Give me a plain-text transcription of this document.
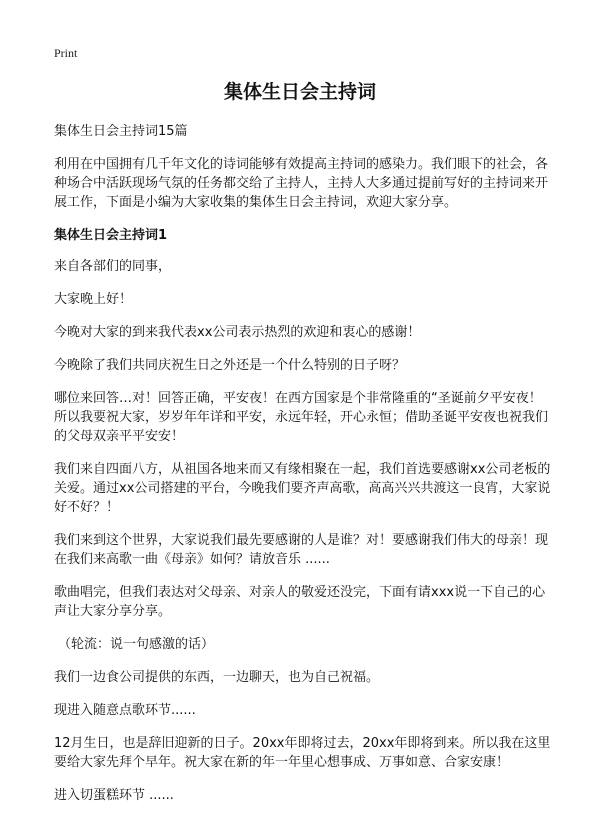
Print
集体生日会主持词

集体生日会主持词15篇

利用在中国拥有几千年文化的诗词能够有效提高主持词的感染力。我们眼下的社会，各种场合中活跃现场气氛的任务都交给了主持人，主持人大多通过提前写好的主持词来开展工作，下面是小编为大家收集的集体生日会主持词，欢迎大家分享。

集体生日会主持词1

来自各部们的同事，

大家晚上好！

今晚对大家的到来我代表xx公司表示热烈的欢迎和衷心的感谢！

今晚除了我们共同庆祝生日之外还是一个什么特别的日子呀？

哪位来回答…对！回答正确，平安夜！在西方国家是个非常隆重的“圣诞前夕平安夜！所以我要祝大家，岁岁年年详和平安，永远年轻，开心永恒；借助圣诞平安夜也祝我们的父母双亲平平安安！

我们来自四面八方，从祖国各地来而又有缘相聚在一起，我们首选要感谢xx公司老板的关爱。通过xx公司搭建的平台，今晚我们要齐声高歌，高高兴兴共渡这一良宵，大家说好不好？！

我们来到这个世界，大家说我们最先要感谢的人是谁？对！要感谢我们伟大的母亲！现在我们来高歌一曲《母亲》如何？请放音乐 ......

歌曲唱完，但我们表达对父母亲、对亲人的敬爱还没完，下面有请xxx说一下自己的心声让大家分享分享。

（轮流：说一句感激的话）

我们一边食公司提供的东西，一边聊天，也为自己祝福。

现进入随意点歌环节......

12月生日，也是辞旧迎新的日子。20xx年即将过去，20xx年即将到来。所以我在这里要给大家先拜个早年。祝大家在新的年一年里心想事成、万事如意、合家安康！

进入切蛋糕环节 ......
